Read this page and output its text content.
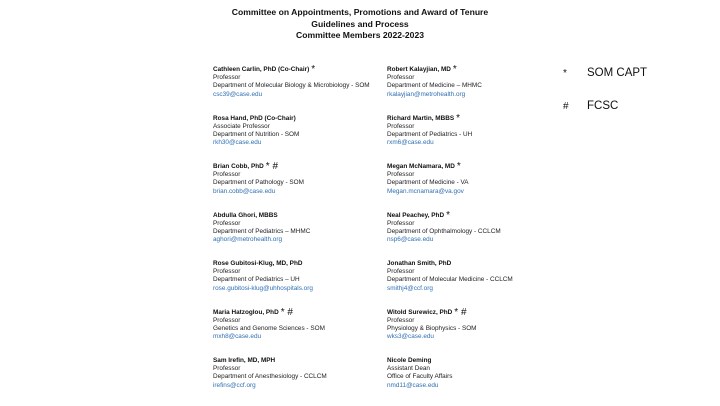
Committee on Appointments, Promotions and Award of Tenure
Guidelines and Process
Committee Members 2022-2023
Cathleen Carlin, PhD (Co-Chair) *
Professor
Department of Molecular Biology & Microbiology - SOM
csc39@case.edu
Rosa Hand, PhD (Co-Chair)
Associate Professor
Department of Nutrition - SOM
rkh30@case.edu
Brian Cobb, PhD * #
Professor
Department of Pathology - SOM
brian.cobb@case.edu
Abdulla Ghori, MBBS
Professor
Department of Pediatrics – MHMC
aghori@metrohealth.org
Rose Gubitosi-Klug, MD, PhD
Professor
Department of Pediatrics – UH
rose.gubitosi-klug@uhhospitals.org
Maria Hatzoglou, PhD * #
Professor
Genetics and Genome Sciences - SOM
mxh8@case.edu
Sam Irefin, MD, MPH
Professor
Department of Anesthesiology - CCLCM
irefins@ccf.org
Robert Kalayjian, MD *
Professor
Department of Medicine – MHMC
rkalayjian@metrohealth.org
Richard Martin, MBBS *
Professor
Department of Pediatrics - UH
rxm6@case.edu
Megan McNamara, MD *
Professor
Department of Medicine - VA
Megan.mcnamara@va.gov
Neal Peachey, PhD *
Professor
Department of Ophthalmology - CCLCM
nsp6@case.edu
Jonathan Smith, PhD
Professor
Department of Molecular Medicine - CCLCM
smithj4@ccf.org
Witold Surewicz, PhD * #
Professor
Physiology & Biophysics - SOM
wks3@case.edu
Nicole Deming
Assistant Dean
Office of Faculty Affairs
nmd11@case.edu
* SOM CAPT
# FCSC
